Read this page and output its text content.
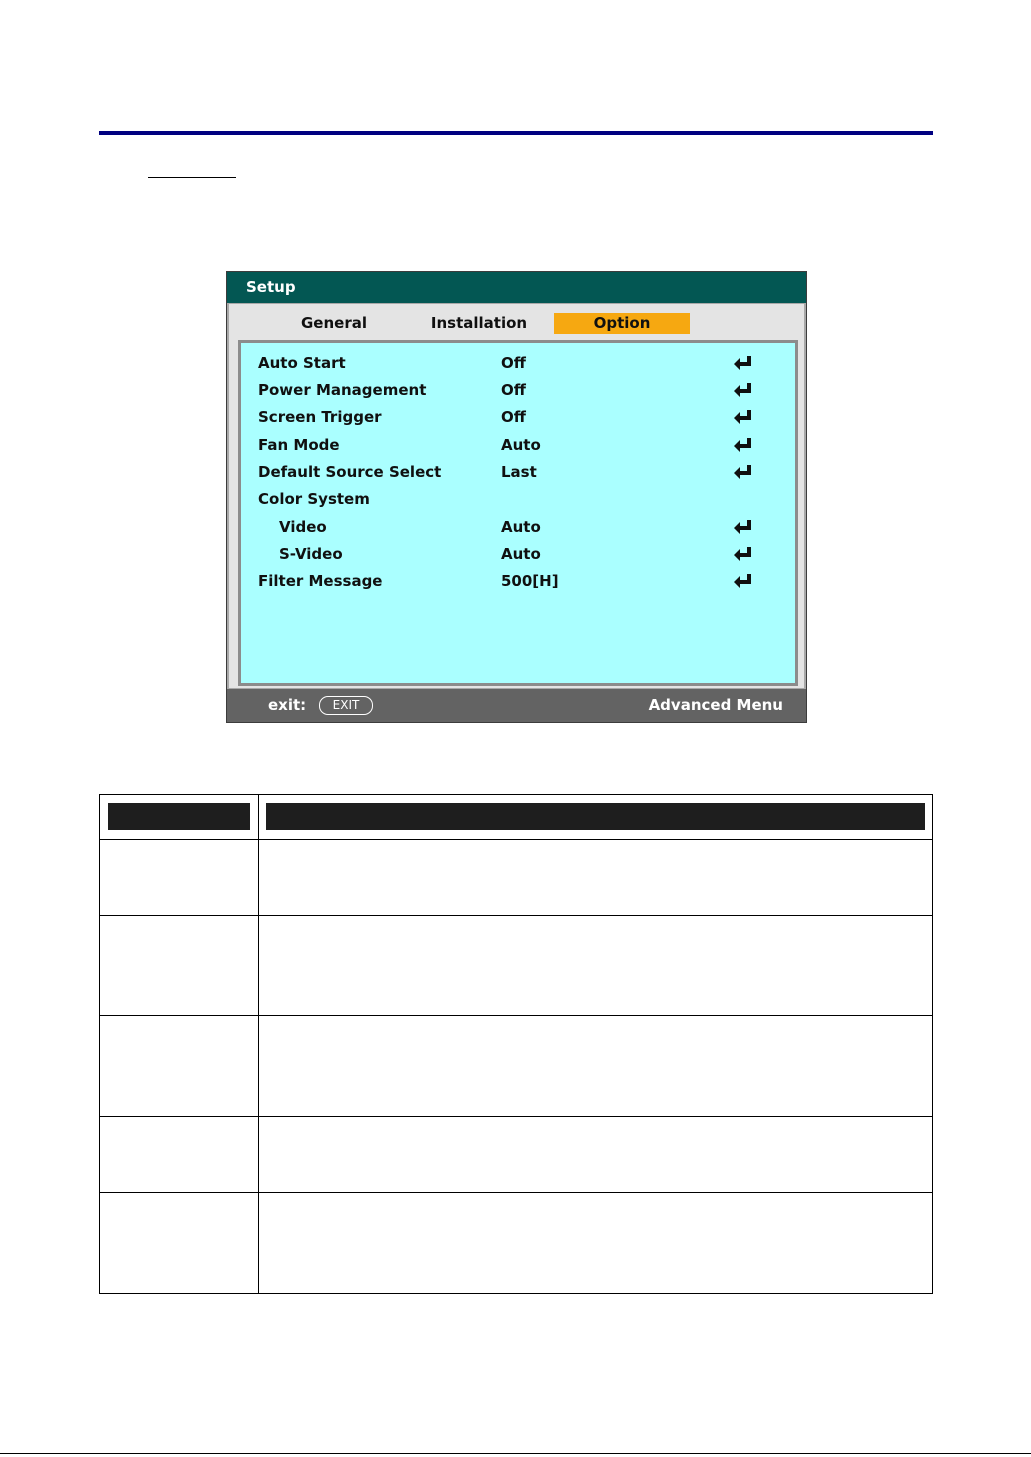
Setup
General	Installation	Option
Auto Start	Off
Power Management	Off
Screen Trigger	Off
Fan Mode	Auto
Default Source Select	Last
Color System
Video	Auto
S-Video	Auto
Filter Message	500[H]
exit:	EXIT	Advanced Menu
